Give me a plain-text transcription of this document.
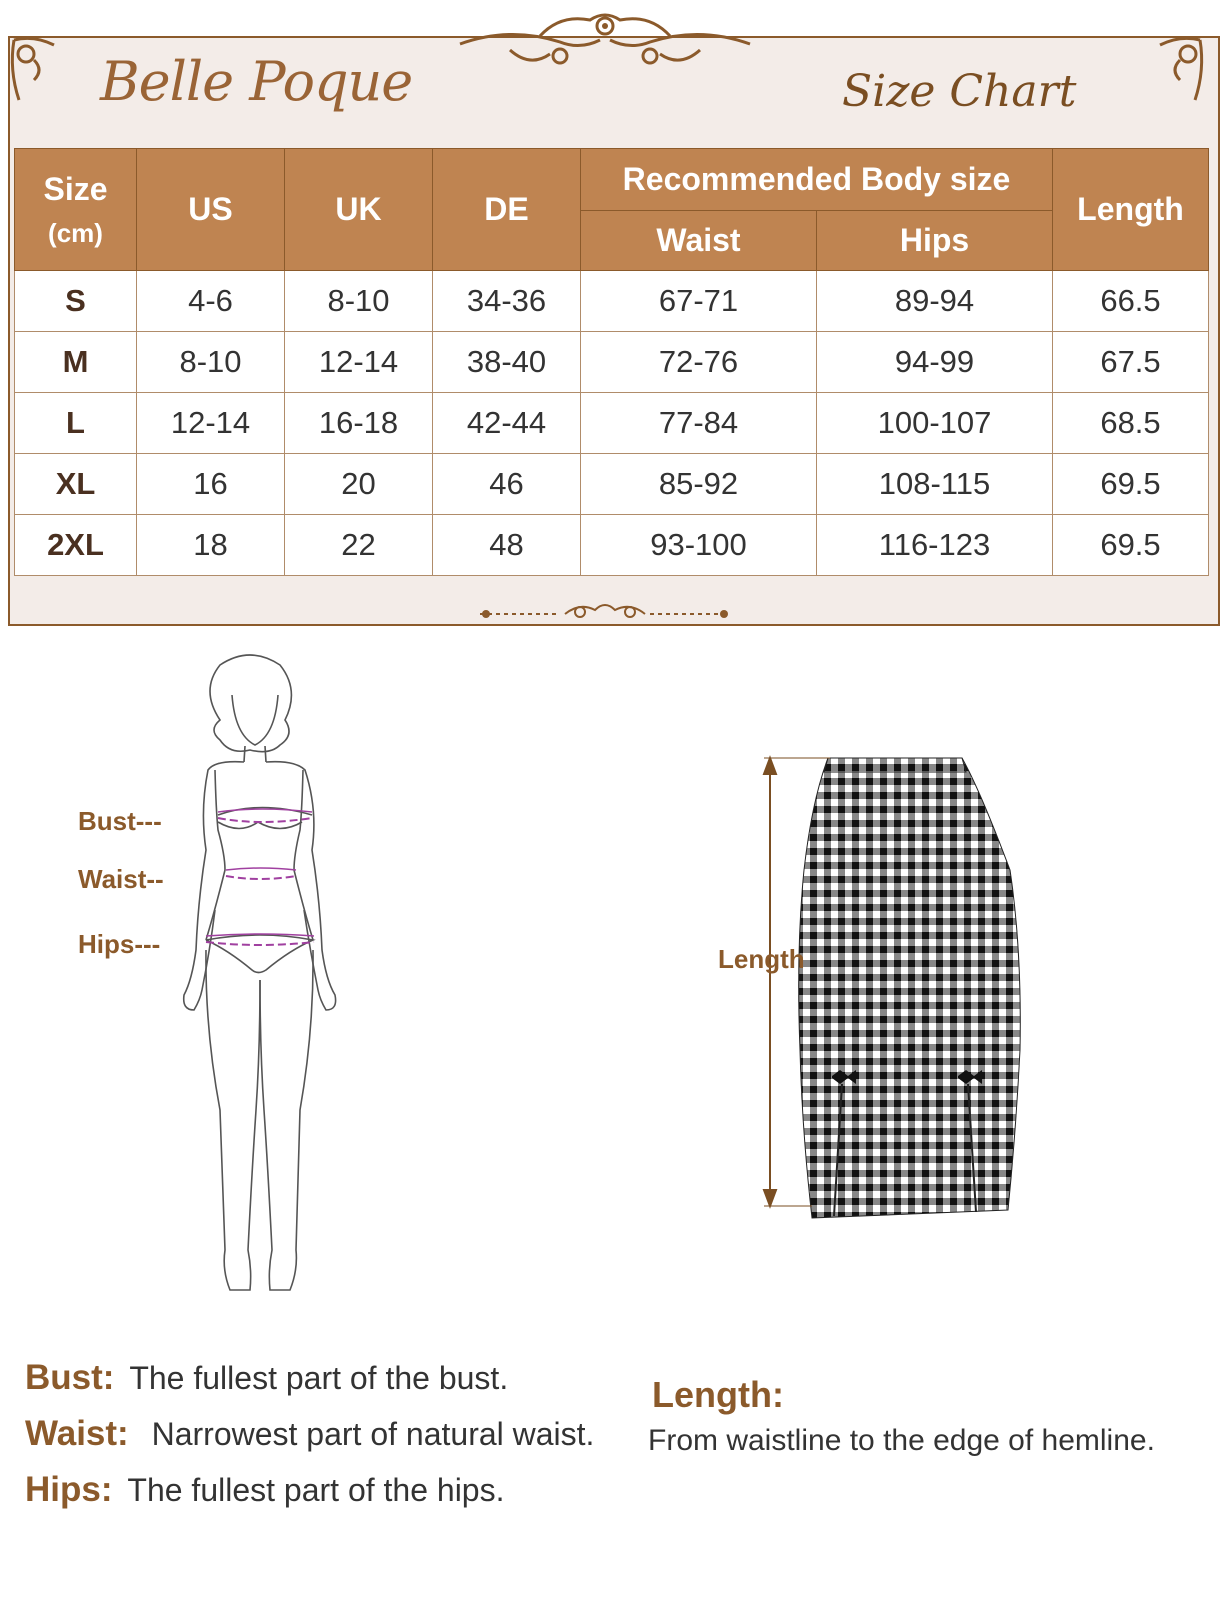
Belle Poque	Size Chart
Size
(cm)	US	UK	DE	Recommended Body size		Length
				Waist	Hips	
S	4-6	8-10	34-36	67-71	89-94	66.5
M	8-10	12-14	38-40	72-76	94-99	67.5
L	12-14	16-18	42-44	77-84	100-107	68.5
XL	16	20	46	85-92	108-115	69.5
2XL	18	22	48	93-100	116-123	69.5
Bust---
Waist--
Hips---	Length
Bust: The fullest part of the bust.
Waist: Narrowest part of natural waist.
Hips: The fullest part of the hips.
Length:
From waistline to the edge of hemline.
